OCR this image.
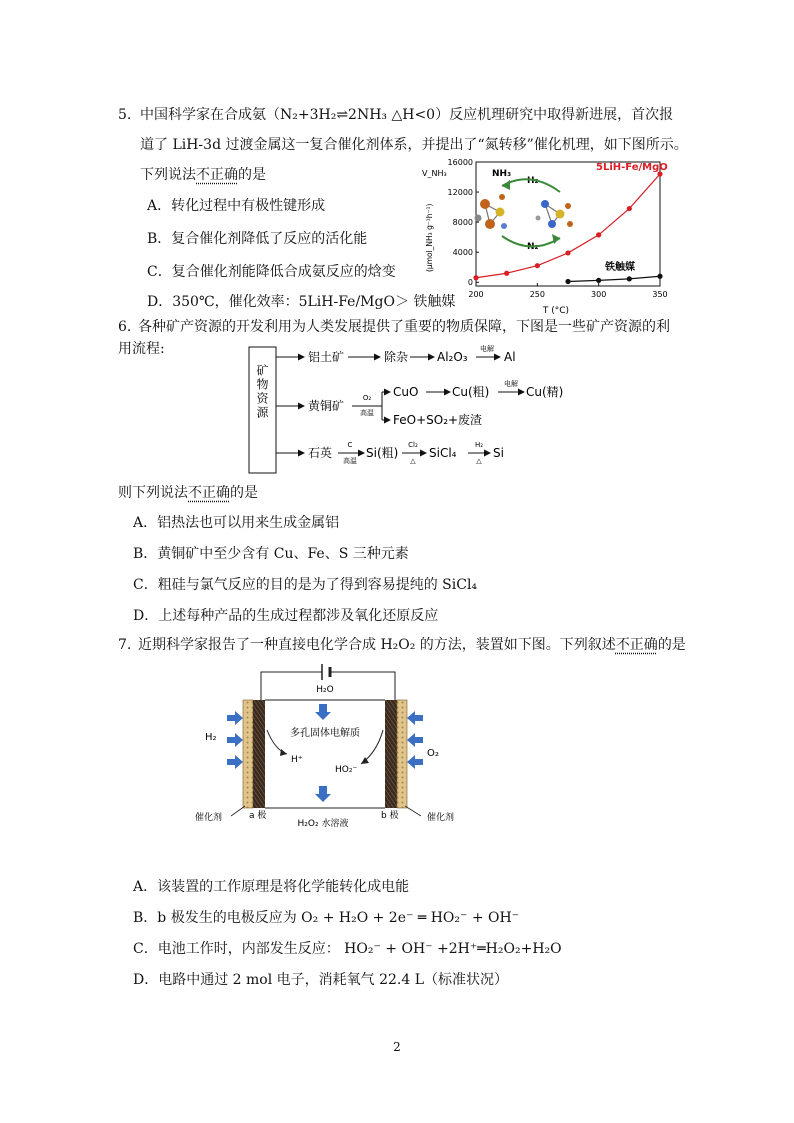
5. 中国科学家在合成氨（N₂+3H₂⇌2NH₃ △H<0）反应机理研究中取得新进展，首次报
道了 LiH-3d 过渡金属这一复合催化剂体系，并提出了“氮转移”催化机理，如下图所示。
下列说法不正确的是
A．转化过程中有极性键形成
B．复合催化剂降低了反应的活化能
C．复合催化剂能降低合成氨反应的焓变
D．350℃，催化效率：5LiH-Fe/MgO＞ 铁触媒
0
4000
8000
12000
16000
200	250	300	350
V_NH₃
(μmol_NH₃ g⁻¹h⁻¹)
T (°C)
5LiH-Fe/MgO
铁触媒
NH₃
H₂
N₂
6. 各种矿产资源的开发利用为人类发展提供了重要的物质保障，下图是一些矿产资源的利
用流程:
矿物资源
铝土矿	除杂 Al₂O₃
电解
Al
黄铜矿
O₂
高温
CuO	Cu(粗)
电解
Cu(精)
FeO+SO₂+废渣
石英
C
高温
Si(粗)
Cl₂
△
SiCl₄
H₂
△
Si
则下列说法不正确的是
A．铝热法也可以用来生成金属铝
B．黄铜矿中至少含有 Cu、Fe、S 三种元素
C．粗硅与氯气反应的目的是为了得到容易提纯的 SiCl₄
D．上述每种产品的生成过程都涉及氧化还原反应
7. 近期科学家报告了一种直接电化学合成 H₂O₂ 的方法，装置如下图。下列叙述不正确的是
H₂O
多孔固体电解质
H⁺
HO₂⁻
H₂
O₂
a 极	b 极
催化剂	催化剂
H₂O₂ 水溶液
A．该装置的工作原理是将化学能转化成电能
B．b 极发生的电极反应为 O₂ + H₂O + 2e⁻ ═ HO₂⁻ + OH⁻
C．电池工作时，内部发生反应： HO₂⁻ + OH⁻ +2H⁺═H₂O₂+H₂O
D．电路中通过 2 mol 电子，消耗氧气 22.4 L（标准状况）
2
